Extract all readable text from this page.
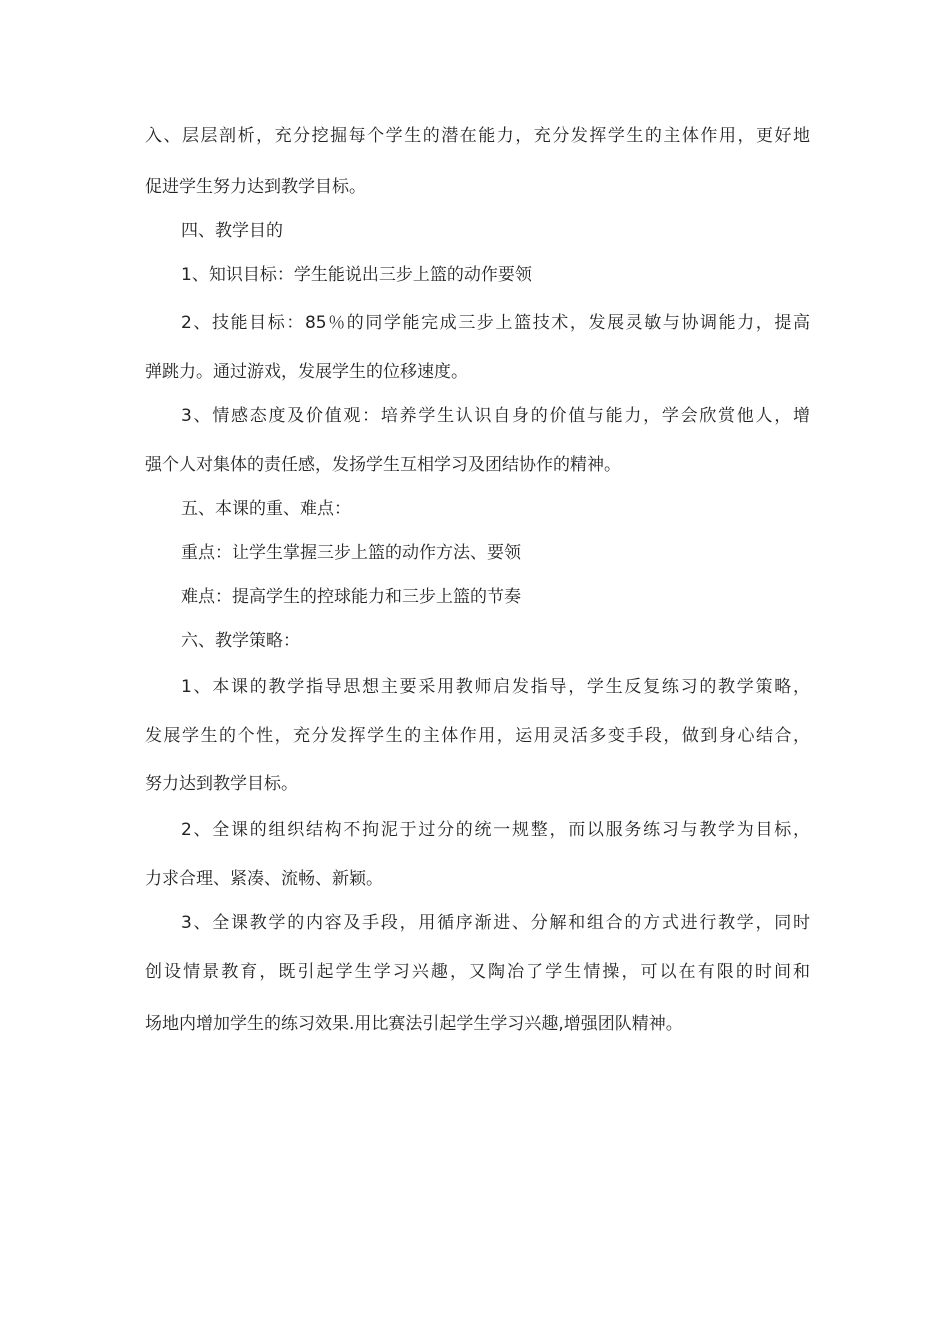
入、层层剖析，充分挖掘每个学生的潜在能力，充分发挥学生的主体作用，更好地
促进学生努力达到教学目标。
四、教学目的
1、知识目标：学生能说出三步上篮的动作要领
2、技能目标：85％的同学能完成三步上篮技术，发展灵敏与协调能力，提高
弹跳力。通过游戏，发展学生的位移速度。
3、情感态度及价值观：培养学生认识自身的价值与能力，学会欣赏他人，增
强个人对集体的责任感，发扬学生互相学习及团结协作的精神。
五、本课的重、难点：
重点：让学生掌握三步上篮的动作方法、要领
难点：提高学生的控球能力和三步上篮的节奏
六、教学策略：
1、本课的教学指导思想主要采用教师启发指导，学生反复练习的教学策略，
发展学生的个性，充分发挥学生的主体作用，运用灵活多变手段，做到身心结合，
努力达到教学目标。
2、全课的组织结构不拘泥于过分的统一规整，而以服务练习与教学为目标，
力求合理、紧凑、流畅、新颖。
3、全课教学的内容及手段，用循序渐进、分解和组合的方式进行教学，同时
创设情景教育，既引起学生学习兴趣，又陶冶了学生情操，可以在有限的时间和
场地内增加学生的练习效果.用比赛法引起学生学习兴趣,增强团队精神。
